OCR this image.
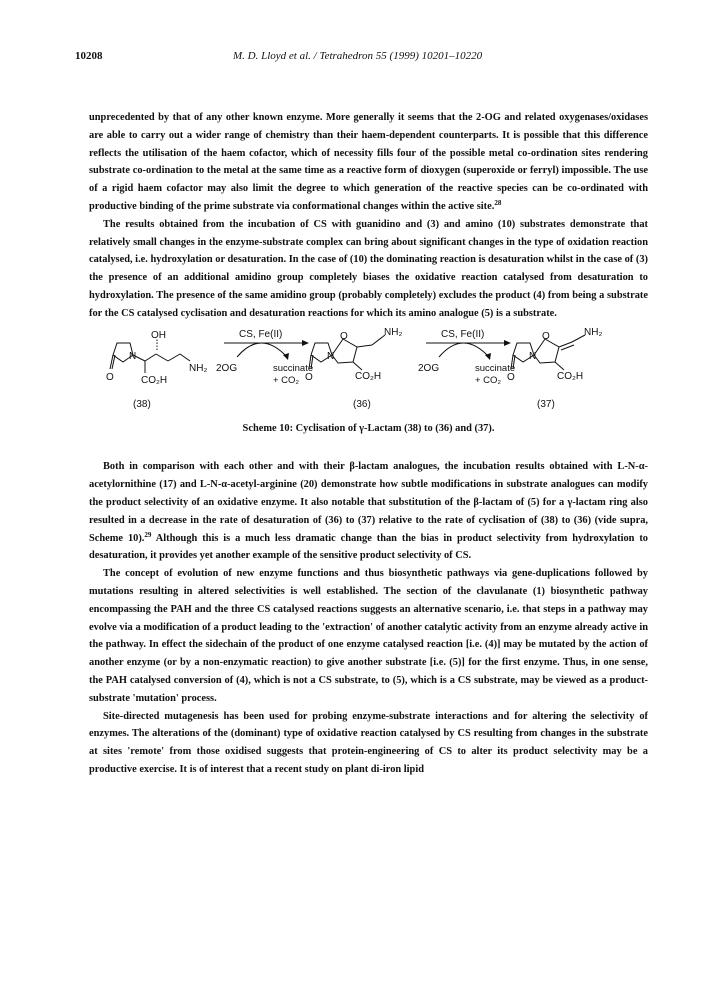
10208	M. D. Lloyd et al. / Tetrahedron 55 (1999) 10201–10220

unprecedented by that of any other known enzyme. More generally it seems that the 2-OG and related oxygenases/oxidases are able to carry out a wider range of chemistry than their haem-dependent counterparts. It is possible that this difference reflects the utilisation of the haem cofactor, which of necessity fills four of the possible metal co-ordination sites rendering substrate co-ordination to the metal at the same time as a reactive form of dioxygen (superoxide or ferryl) impossible. The use of a rigid haem cofactor may also limit the degree to which generation of the reactive species can be co-ordinated with productive binding of the prime substrate via conformational changes within the active site.$^{28}$

The results obtained from the incubation of CS with guanidino and (3) and amino (10) substrates demonstrate that relatively small changes in the enzyme-substrate complex can bring about significant changes in the type of oxidation reaction catalysed, i.e. hydroxylation or desaturation. In the case of (10) the dominating reaction is desaturation whilst in the case of (3) the presence of an additional amidino group completely biases the oxidative reaction catalysed from desaturation to hydroxylation. The presence of the same amidino group (probably completely) excludes the product (4) from being a substrate for the CS catalysed cyclisation and desaturation reactions for which its amino analogue (5) is a substrate.

OH
N
O	CO₂H
NH₂
CS, Fe(II)
2OG	succinate
+ CO₂
O
N
O	CO₂H
NH₂	CS, Fe(II)
2OG	succinate
+ CO₂
O
N
O	CO₂H
NH₂
(38)	(36)	(37)

Scheme 10: Cyclisation of γ-Lactam (38) to (36) and (37).

Both in comparison with each other and with their β-lactam analogues, the incubation results obtained with L-N-α-acetylornithine (17) and L-N-α-acetyl-arginine (20) demonstrate how subtle modifications in substrate analogues can modify the product selectivity of an oxidative enzyme. It also notable that substitution of the β-lactam of (5) for a γ-lactam ring also resulted in a decrease in the rate of desaturation of (36) to (37) relative to the rate of cyclisation of (38) to (36) (vide supra, Scheme 10).$^{29}$ Although this is a much less dramatic change than the bias in product selectivity from hydroxylation to desaturation, it provides yet another example of the sensitive product selectivity of CS.

The concept of evolution of new enzyme functions and thus biosynthetic pathways via gene-duplications followed by mutations resulting in altered selectivities is well established. The section of the clavulanate (1) biosynthetic pathway encompassing the PAH and the three CS catalysed reactions suggests an alternative scenario, i.e. that steps in a pathway may evolve via a modification of a product leading to the 'extraction' of another catalytic activity from an enzyme already active in the pathway. In effect the sidechain of the product of one enzyme catalysed reaction [i.e. (4)] may be mutated by the action of another enzyme (or by a non-enzymatic reaction) to give another substrate [i.e. (5)] for the first enzyme. Thus, in one sense, the PAH catalysed conversion of (4), which is not a CS substrate, to (5), which is a CS substrate, may be viewed as a product-substrate 'mutation' process.

Site-directed mutagenesis has been used for probing enzyme-substrate interactions and for altering the selectivity of enzymes. The alterations of the (dominant) type of oxidative reaction catalysed by CS resulting from changes in the substrate at sites 'remote' from those oxidised suggests that protein-engineering of CS to alter its product selectivity may be a productive exercise. It is of interest that a recent study on plant di-iron lipid
